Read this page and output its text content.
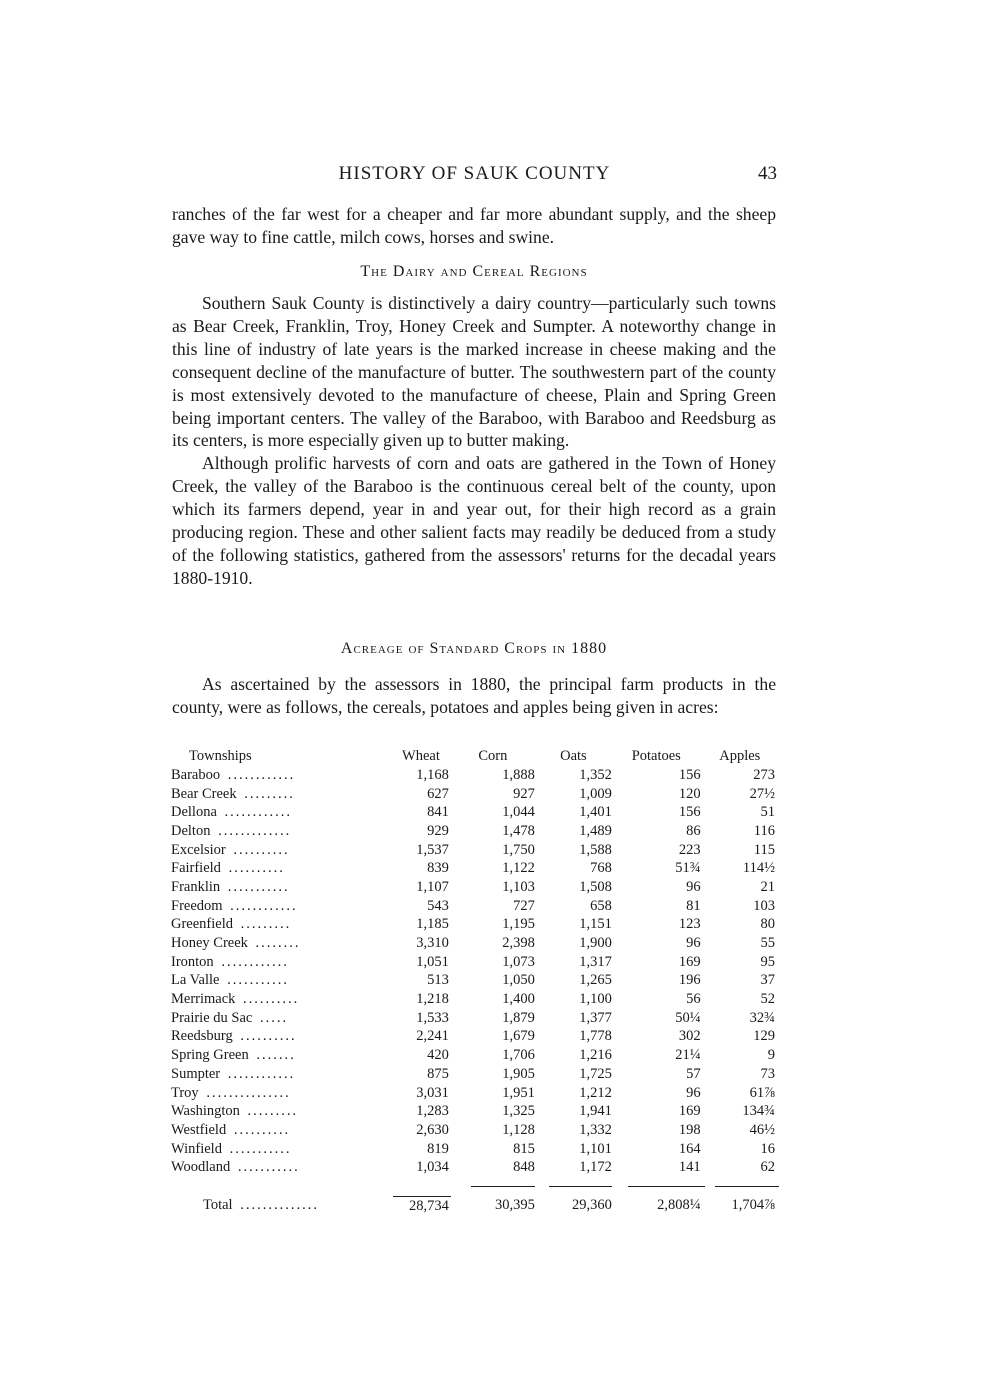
HISTORY OF SAUK COUNTY	43

ranches of the far west for a cheaper and far more abundant supply, and the sheep gave way to fine cattle, milch cows, horses and swine.

The Dairy and Cereal Regions

Southern Sauk County is distinctively a dairy country—particularly such towns as Bear Creek, Franklin, Troy, Honey Creek and Sumpter. A noteworthy change in this line of industry of late years is the marked increase in cheese making and the consequent decline of the manufacture of butter. The southwestern part of the county is most extensively devoted to the manufacture of cheese, Plain and Spring Green being important centers. The valley of the Baraboo, with Baraboo and Reedsburg as its centers, is more especially given up to butter making.

Although prolific harvests of corn and oats are gathered in the Town of Honey Creek, the valley of the Baraboo is the continuous cereal belt of the county, upon which its farmers depend, year in and year out, for their high record as a grain producing region. These and other salient facts may readily be deduced from a study of the following statistics, gathered from the assessors' returns for the decadal years 1880-1910.

Acreage of Standard Crops in 1880

As ascertained by the assessors in 1880, the principal farm products in the county, were as follows, the cereals, potatoes and apples being given in acres:

Townships	Wheat	Corn	Oats	Potatoes	Apples
Baraboo ............	1,168	1,888	1,352	156	273
Bear Creek .........	627	927	1,009	120	27½
Dellona ............	841	1,044	1,401	156	51
Delton .............	929	1,478	1,489	86	116
Excelsior ..........	1,537	1,750	1,588	223	115
Fairfield ..........	839	1,122	768	51¾	114½
Franklin ...........	1,107	1,103	1,508	96	21
Freedom ............	543	727	658	81	103
Greenfield .........	1,185	1,195	1,151	123	80
Honey Creek ........	3,310	2,398	1,900	96	55
Ironton ............	1,051	1,073	1,317	169	95
La Valle ...........	513	1,050	1,265	196	37
Merrimack ..........	1,218	1,400	1,100	56	52
Prairie du Sac .....	1,533	1,879	1,377	50¼	32¾
Reedsburg ..........	2,241	1,679	1,778	302	129
Spring Green .......	420	1,706	1,216	21¼	9
Sumpter ............	875	1,905	1,725	57	73
Troy ...............	3,031	1,951	1,212	96	61⅞
Washington .........	1,283	1,325	1,941	169	134¾
Westfield ..........	2,630	1,128	1,332	198	46½
Winfield ...........	819	815	1,101	164	16
Woodland ...........	1,034	848	1,172	141	62

Total ..............	28,734	30,395	29,360	2,808¼	1,704⅞
